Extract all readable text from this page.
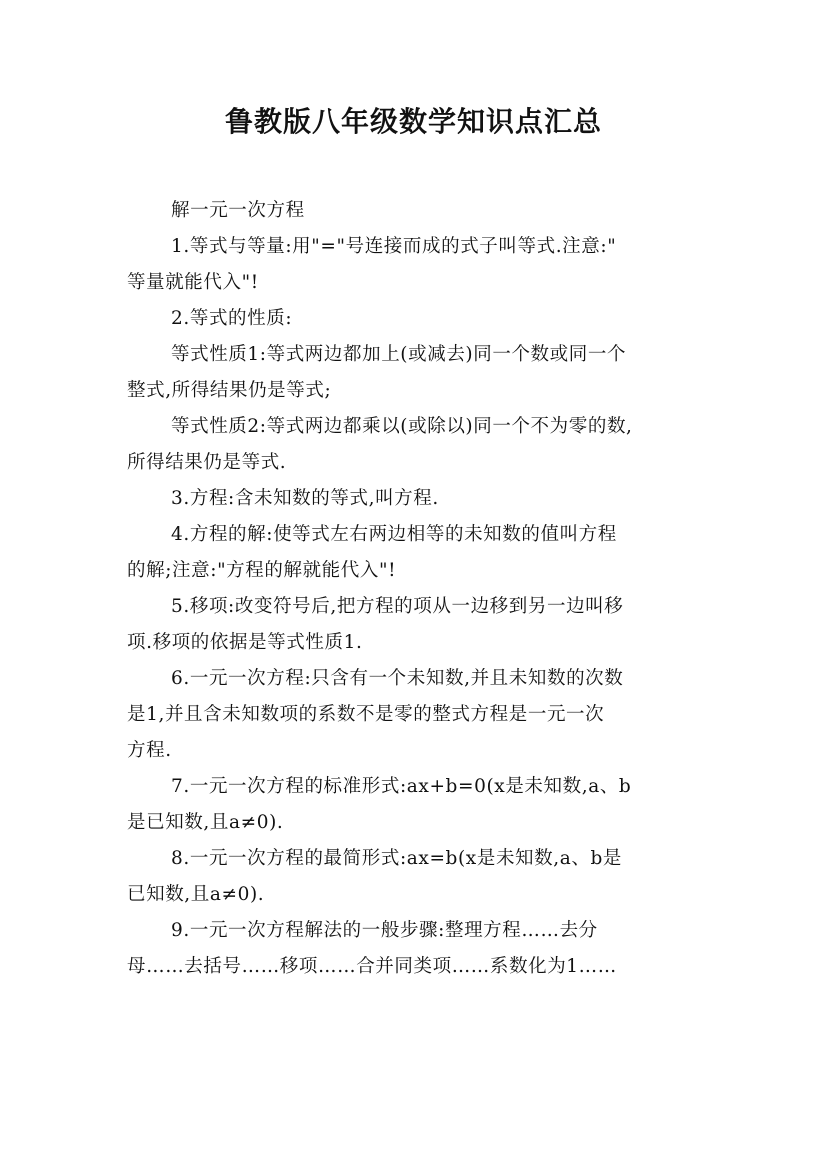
鲁教版八年级数学知识点汇总
解一元一次方程
1.等式与等量:用"="号连接而成的式子叫等式.注意:"
等量就能代入"!
2.等式的性质:
等式性质1:等式两边都加上(或减去)同一个数或同一个
整式,所得结果仍是等式;
等式性质2:等式两边都乘以(或除以)同一个不为零的数,
所得结果仍是等式.
3.方程:含未知数的等式,叫方程.
4.方程的解:使等式左右两边相等的未知数的值叫方程
的解;注意:"方程的解就能代入"!
5.移项:改变符号后,把方程的项从一边移到另一边叫移
项.移项的依据是等式性质1.
6.一元一次方程:只含有一个未知数,并且未知数的次数
是1,并且含未知数项的系数不是零的整式方程是一元一次
方程.
7.一元一次方程的标准形式:ax+b=0(x是未知数,a、b
是已知数,且a≠0).
8.一元一次方程的最简形式:ax=b(x是未知数,a、b是
已知数,且a≠0).
9.一元一次方程解法的一般步骤:整理方程……去分
母……去括号……移项……合并同类项……系数化为1……
